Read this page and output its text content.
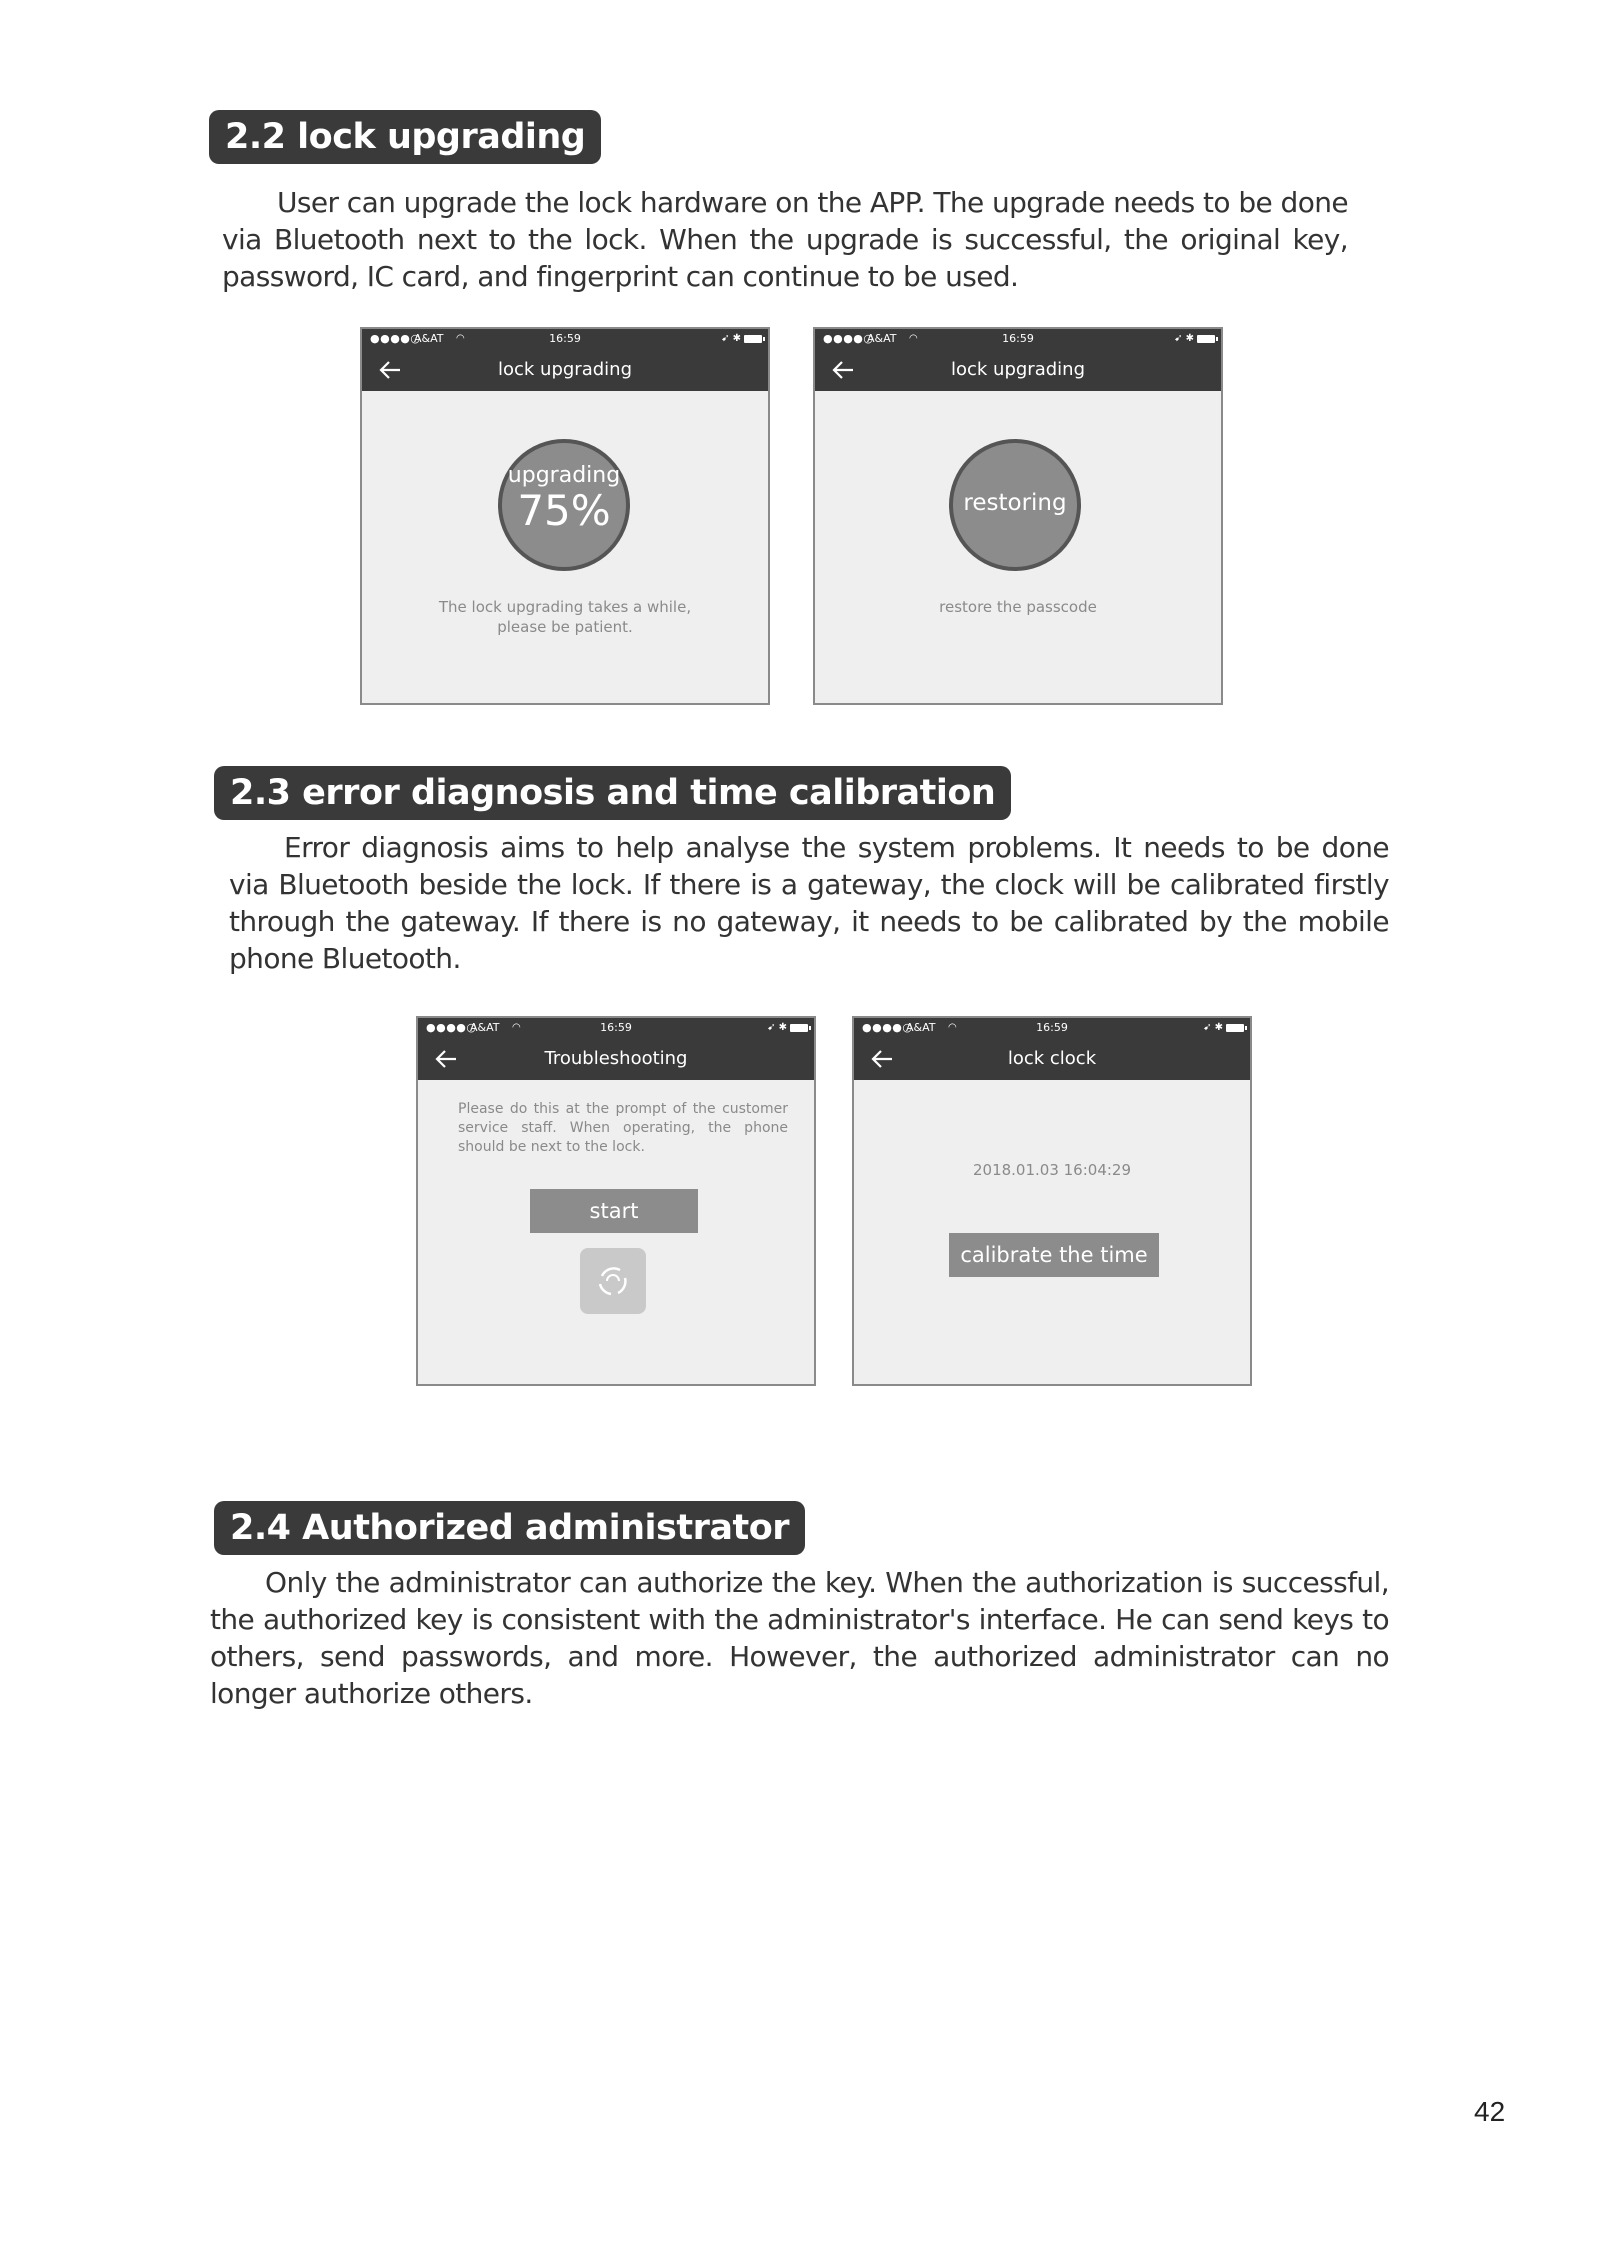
2.2 lock upgrading
User can upgrade the lock hardware on the APP. The upgrade needs to be done via Bluetooth next to the lock. When the upgrade is successful, the original key, password, IC card, and fingerprint can continue to be used.
●●●●○
A&AT ◠	16:59	➹ ✱
lock upgrading
upgrading
75%
The lock upgrading takes a while,
please be patient.
●●●●○
A&AT ◠	16:59	➹ ✱
lock upgrading
restoring
restore the passcode
2.3 error diagnosis and time calibration
Error diagnosis aims to help analyse the system problems. It needs to be done via Bluetooth beside the lock. If there is a gateway, the clock will be calibrated firstly through the gateway. If there is no gateway, it needs to be calibrated by the mobile phone Bluetooth.
●●●●○
A&AT ◠	16:59	➹ ✱
Troubleshooting
Please do this at the prompt of the customer service staff. When operating, the phone should be next to the lock.
start
●●●●○
A&AT ◠	16:59	➹ ✱
lock clock
2018.01.03 16:04:29
calibrate the time
2.4 Authorized administrator
Only the administrator can authorize the key. When the authorization is successful, the authorized key is consistent with the administrator's interface. He can send keys to others, send passwords, and more. However, the authorized administrator can no longer authorize others.
42
